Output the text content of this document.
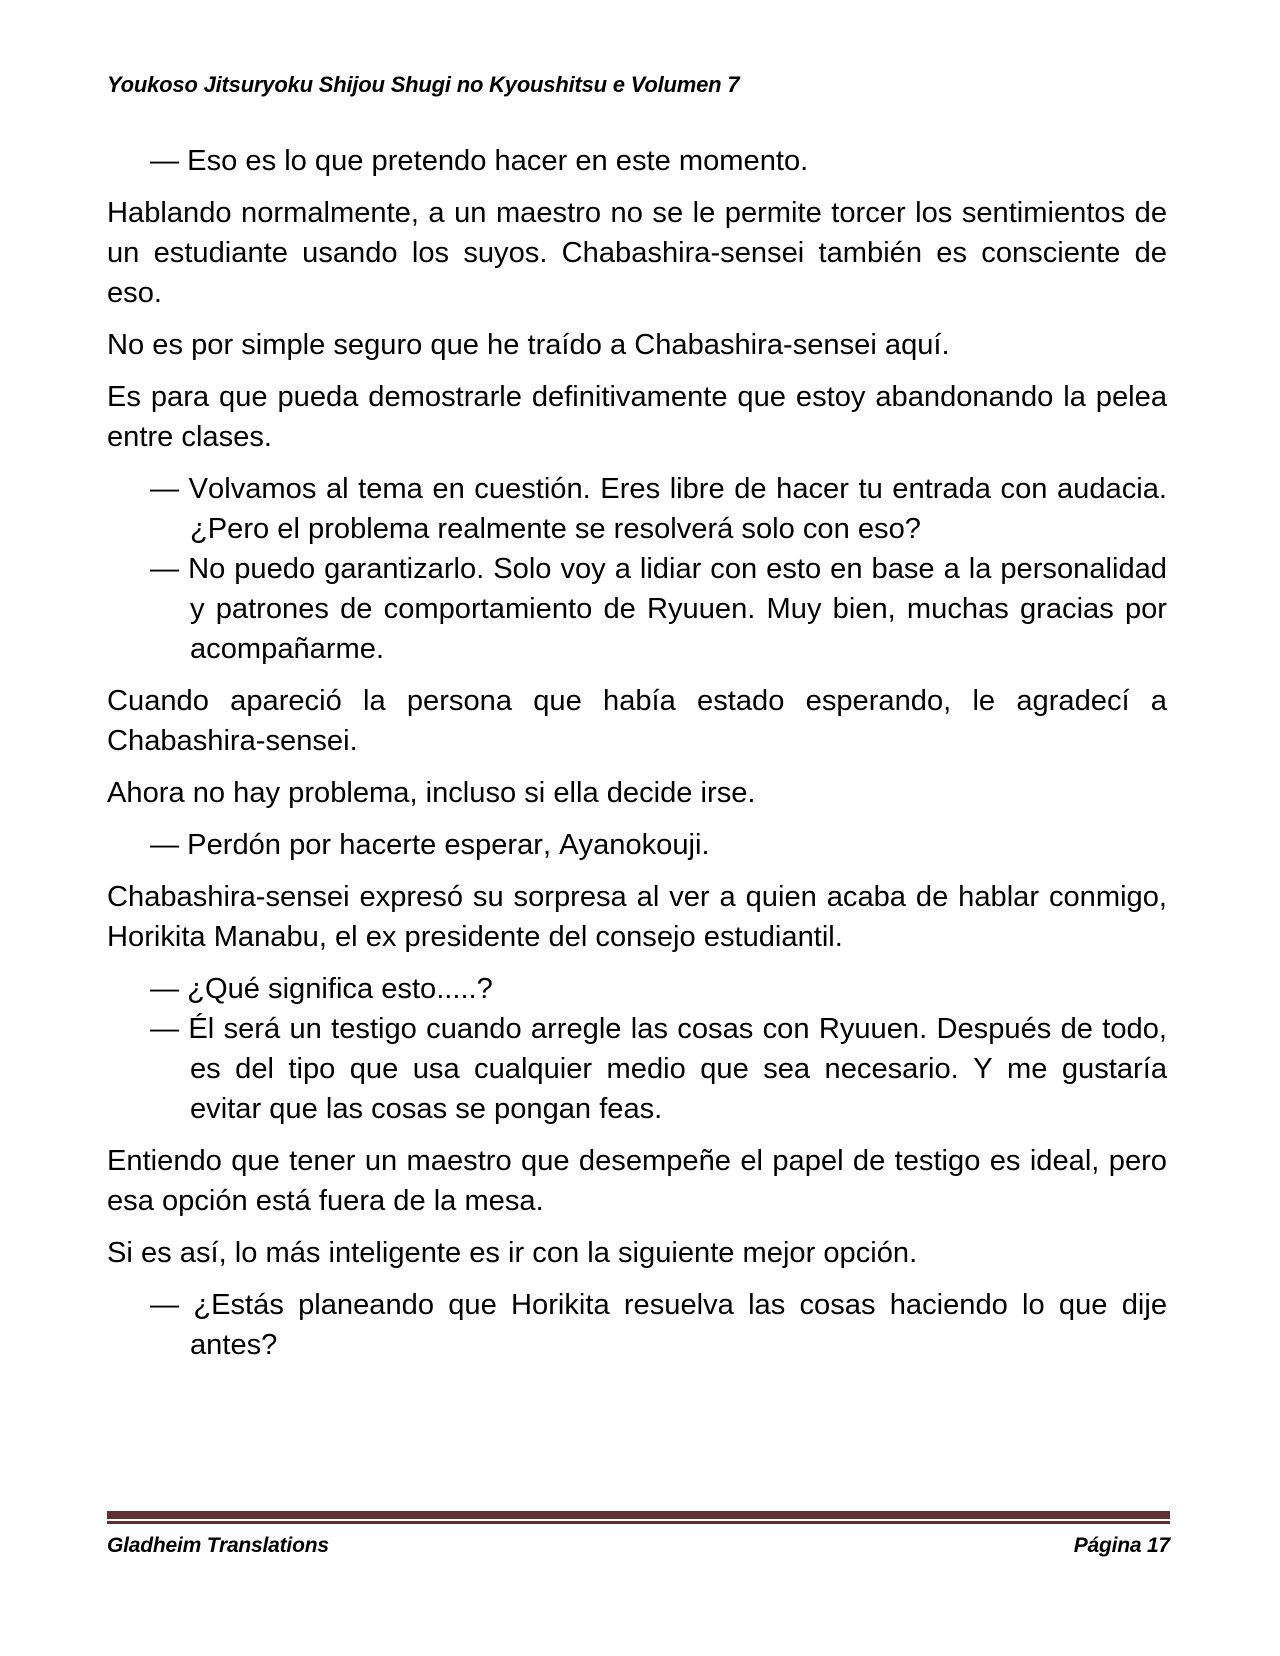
Youkoso Jitsuryoku Shijou Shugi no Kyoushitsu e Volumen 7

— Eso es lo que pretendo hacer en este momento.

Hablando normalmente, a un maestro no se le permite torcer los sentimientos de un estudiante usando los suyos. Chabashira-sensei también es consciente de eso.

No es por simple seguro que he traído a Chabashira-sensei aquí.

Es para que pueda demostrarle definitivamente que estoy abandonando la pelea entre clases.

— Volvamos al tema en cuestión. Eres libre de hacer tu entrada con audacia. ¿Pero el problema realmente se resolverá solo con eso?

— No puedo garantizarlo. Solo voy a lidiar con esto en base a la personalidad y patrones de comportamiento de Ryuuen. Muy bien, muchas gracias por acompañarme.

Cuando apareció la persona que había estado esperando, le agradecí a Chabashira-sensei.

Ahora no hay problema, incluso si ella decide irse.

— Perdón por hacerte esperar, Ayanokouji.

Chabashira-sensei expresó su sorpresa al ver a quien acaba de hablar conmigo, Horikita Manabu, el ex presidente del consejo estudiantil.

— ¿Qué significa esto.....?

— Él será un testigo cuando arregle las cosas con Ryuuen. Después de todo, es del tipo que usa cualquier medio que sea necesario. Y me gustaría evitar que las cosas se pongan feas.

Entiendo que tener un maestro que desempeñe el papel de testigo es ideal, pero esa opción está fuera de la mesa.

Si es así, lo más inteligente es ir con la siguiente mejor opción.

— ¿Estás planeando que Horikita resuelva las cosas haciendo lo que dije antes?

Gladheim Translations	Página 17
